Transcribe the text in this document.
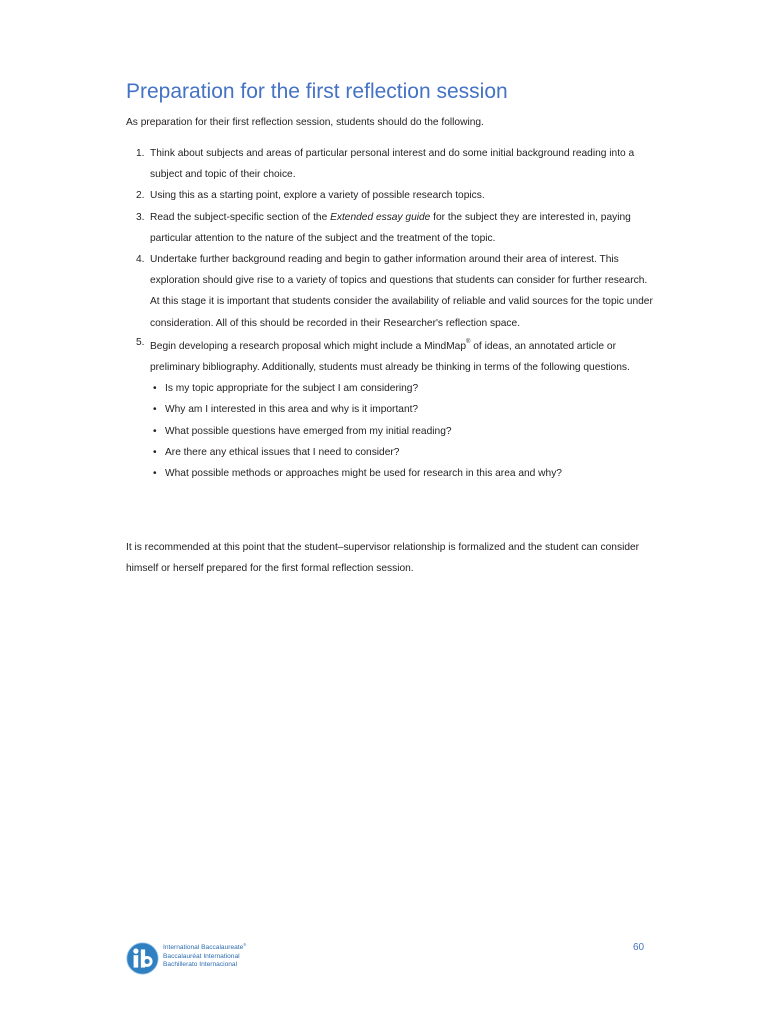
Preparation for the first reflection session
As preparation for their first reflection session, students should do the following.
1. Think about subjects and areas of particular personal interest and do some initial background reading into a subject and topic of their choice.
2. Using this as a starting point, explore a variety of possible research topics.
3. Read the subject-specific section of the Extended essay guide for the subject they are interested in, paying particular attention to the nature of the subject and the treatment of the topic.
4. Undertake further background reading and begin to gather information around their area of interest. This exploration should give rise to a variety of topics and questions that students can consider for further research. At this stage it is important that students consider the availability of reliable and valid sources for the topic under consideration. All of this should be recorded in their Researcher's reflection space.
5. Begin developing a research proposal which might include a MindMap® of ideas, an annotated article or preliminary bibliography. Additionally, students must already be thinking in terms of the following questions.
• Is my topic appropriate for the subject I am considering?
• Why am I interested in this area and why is it important?
• What possible questions have emerged from my initial reading?
• Are there any ethical issues that I need to consider?
• What possible methods or approaches might be used for research in this area and why?

It is recommended at this point that the student–supervisor relationship is formalized and the student can consider himself or herself prepared for the first formal reflection session.

International Baccalaureate®
Baccalauréat International
Bachillerato Internacional
60
